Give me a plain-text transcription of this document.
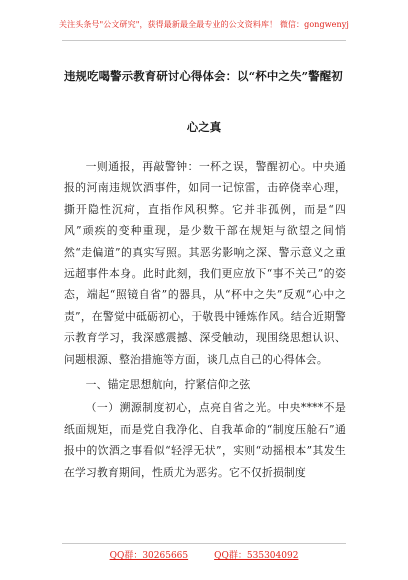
关注头条号"公文研究"，获得最新最全最专业的公文资料库！ 微信：gongwenyj
违规吃喝警示教育研讨心得体会：以“杯中之失”警醒初
心之真

一则通报，再敲警钟：一杯之误，警醒初心。中央通报的河南违规饮酒事件，如同一记惊雷，击碎侥幸心理，撕开隐性沉疴，直指作风积弊。它并非孤例，而是“四风”顽疾的变种重现，是少数干部在规矩与欲望之间悄然“走偏道”的真实写照。其恶劣影响之深、警示意义之重远超事件本身。此时此刻，我们更应放下“事不关己”的姿态，端起“照镜自省”的器具，从“杯中之失”反观“心中之责”，在警觉中砥砺初心，于敬畏中锤炼作风。结合近期警示教育学习，我深感震撼、深受触动，现围绕思想认识、问题根源、整治措施等方面，谈几点自己的心得体会。

一、锚定思想航向，拧紧信仰之弦

（一）溯源制度初心，点亮自省之光。中央****不是纸面规矩，而是党自我净化、自我革命的“制度压舱石”通报中的饮酒之事看似“轻浮无状”，实则“动摇根本”其发生在学习教育期间，性质尤为恶劣。它不仅折损制度

QQ群：30265665	QQ群：535304092
